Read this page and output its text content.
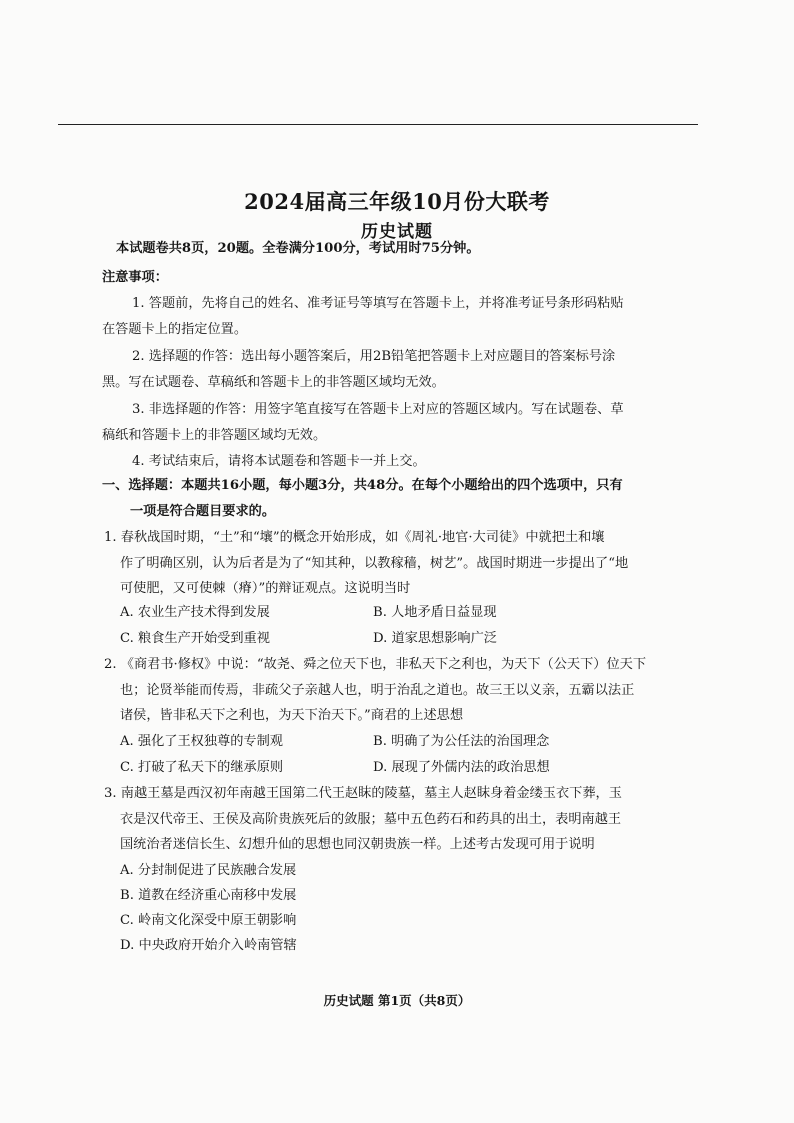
2024届高三年级10月份大联考
历史试题
本试题卷共8页，20题。全卷满分100分，考试用时75分钟。
注意事项：
1. 答题前，先将自己的姓名、准考证号等填写在答题卡上，并将准考证号条形码粘贴
在答题卡上的指定位置。
2. 选择题的作答：选出每小题答案后，用2B铅笔把答题卡上对应题目的答案标号涂
黑。写在试题卷、草稿纸和答题卡上的非答题区域均无效。
3. 非选择题的作答：用签字笔直接写在答题卡上对应的答题区域内。写在试题卷、草
稿纸和答题卡上的非答题区域均无效。
4. 考试结束后，请将本试题卷和答题卡一并上交。
一、选择题：本题共16小题，每小题3分，共48分。在每个小题给出的四个选项中，只有
一项是符合题目要求的。
1. 春秋战国时期，“土”和“壤”的概念开始形成，如《周礼·地官·大司徒》中就把土和壤
作了明确区别，认为后者是为了“知其种，以教稼穑，树艺”。战国时期进一步提出了“地
可使肥，又可使棘（瘠）”的辩证观点。这说明当时
A. 农业生产技术得到发展	B. 人地矛盾日益显现
C. 粮食生产开始受到重视	D. 道家思想影响广泛
2. 《商君书·修权》中说：“故尧、舜之位天下也，非私天下之利也，为天下（公天下）位天下
也；论贤举能而传焉，非疏父子亲越人也，明于治乱之道也。故三王以义亲，五霸以法正
诸侯，皆非私天下之利也，为天下治天下。”商君的上述思想
A. 强化了王权独尊的专制观	B. 明确了为公任法的治国理念
C. 打破了私天下的继承原则	D. 展现了外儒内法的政治思想
3. 南越王墓是西汉初年南越王国第二代王赵眜的陵墓，墓主人赵眜身着金缕玉衣下葬，玉
衣是汉代帝王、王侯及高阶贵族死后的敛服；墓中五色药石和药具的出土，表明南越王
国统治者迷信长生、幻想升仙的思想也同汉朝贵族一样。上述考古发现可用于说明
A. 分封制促进了民族融合发展
B. 道教在经济重心南移中发展
C. 岭南文化深受中原王朝影响
D. 中央政府开始介入岭南管辖
历史试题 第1页（共8页）
